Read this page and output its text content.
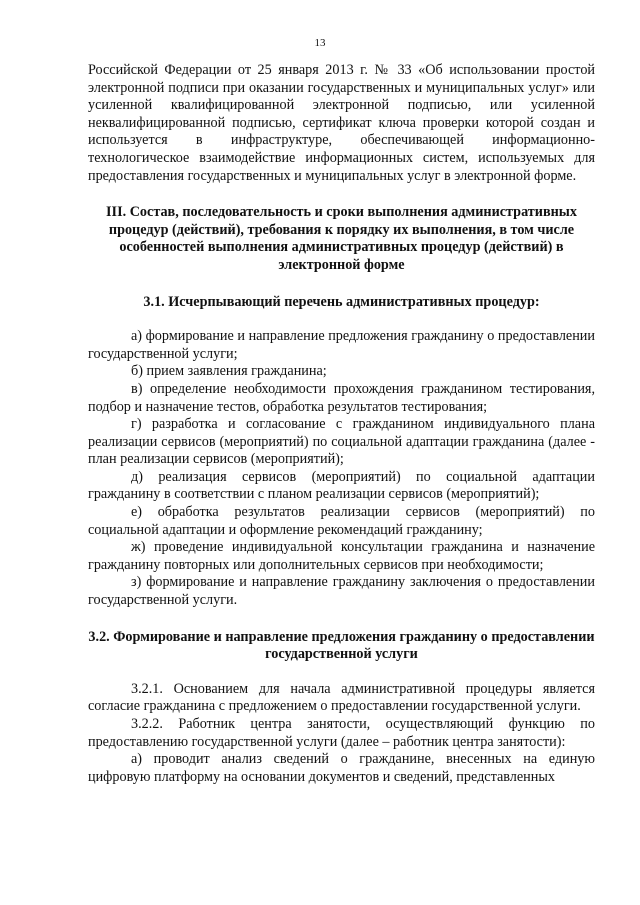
13

Российской Федерации от 25 января 2013 г. № 33 «Об использовании простой электронной подписи при оказании государственных и муниципальных услуг» или усиленной квалифицированной электронной подписью, или усиленной неквалифицированной подписью, сертификат ключа проверки которой создан и используется в инфраструктуре, обеспечивающей информационно-технологическое взаимодействие информационных систем, используемых для предоставления государственных и муниципальных услуг в электронной форме.

III. Состав, последовательность и сроки выполнения административных процедур (действий), требования к порядку их выполнения, в том числе особенностей выполнения административных процедур (действий) в электронной форме
3.1. Исчерпывающий перечень административных процедур:

а) формирование и направление предложения гражданину о предоставлении государственной услуги;

б) прием заявления гражданина;

в) определение необходимости прохождения гражданином тестирования, подбор и назначение тестов, обработка результатов тестирования;

г) разработка и согласование с гражданином индивидуального плана реализации сервисов (мероприятий) по социальной адаптации гражданина (далее - план реализации сервисов (мероприятий);

д) реализация сервисов (мероприятий) по социальной адаптации гражданину в соответствии с планом реализации сервисов (мероприятий);

е) обработка результатов реализации сервисов (мероприятий) по социальной адаптации и оформление рекомендаций гражданину;

ж) проведение индивидуальной консультации гражданина и назначение гражданину повторных или дополнительных сервисов при необходимости;

з) формирование и направление гражданину заключения о предоставлении государственной услуги.

3.2. Формирование и направление предложения гражданину о предоставлении государственной услуги

3.2.1. Основанием для начала административной процедуры является согласие гражданина с предложением о предоставлении государственной услуги.

3.2.2. Работник центра занятости, осуществляющий функцию по предоставлению государственной услуги (далее – работник центра занятости):

а) проводит анализ сведений о гражданине, внесенных на единую цифровую платформу на основании документов и сведений, представленных
